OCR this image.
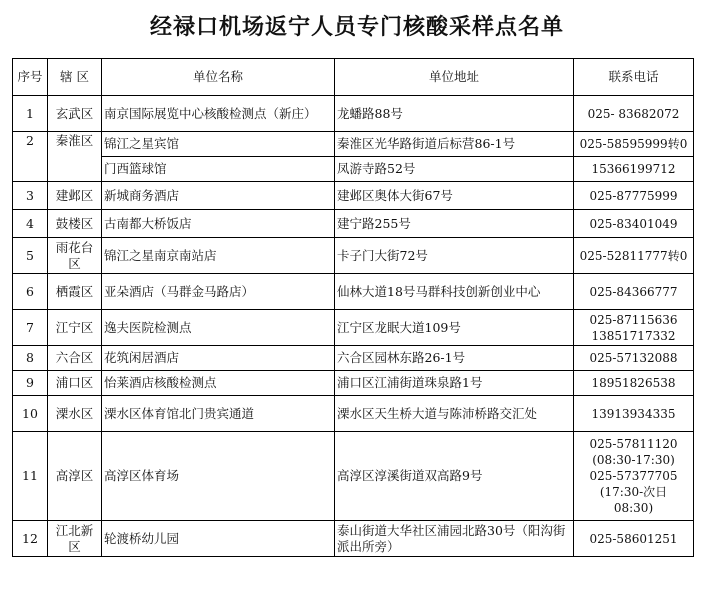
经禄口机场返宁人员专门核酸采样点名单
序号	辖 区	单位名称	单位地址	联系电话
1	玄武区	南京国际展览中心核酸检测点（新庄）	龙蟠路88号	025- 83682072

2	秦淮区	锦江之星宾馆	秦淮区光华路街道后标营86-1号	025-58595999转0

		门西篮球馆	凤游寺路52号	15366199712

3	建邺区	新城商务酒店	建邺区奥体大街67号	025-87775999

4	鼓楼区	古南都大桥饭店	建宁路255号	025-83401049

5	雨花台区	锦江之星南京南站店	卡子门大街72号	025-52811777转0

6	栖霞区	亚朵酒店（马群金马路店）	仙林大道18号马群科技创新创业中心	025-84366777

7	江宁区	逸夫医院检测点	江宁区龙眠大道109号	025-87115636
13851717332

8	六合区	花筑闲居酒店	六合区园林东路26-1号	025-57132088

9	浦口区	怡莱酒店核酸检测点	浦口区江浦街道珠泉路1号	18951826538

10	溧水区	溧水区体育馆北门贵宾通道	溧水区天生桥大道与陈沛桥路交汇处	13913934335

11	高淳区	高淳区体育场	高淳区淳溪街道双高路9号	025-57811120
(08:30-17:30)
025-57377705
(17:30-次日
08:30)

12	江北新区	轮渡桥幼儿园	泰山街道大华社区浦园北路30号（阳沟街派出所旁）	025-58601251
